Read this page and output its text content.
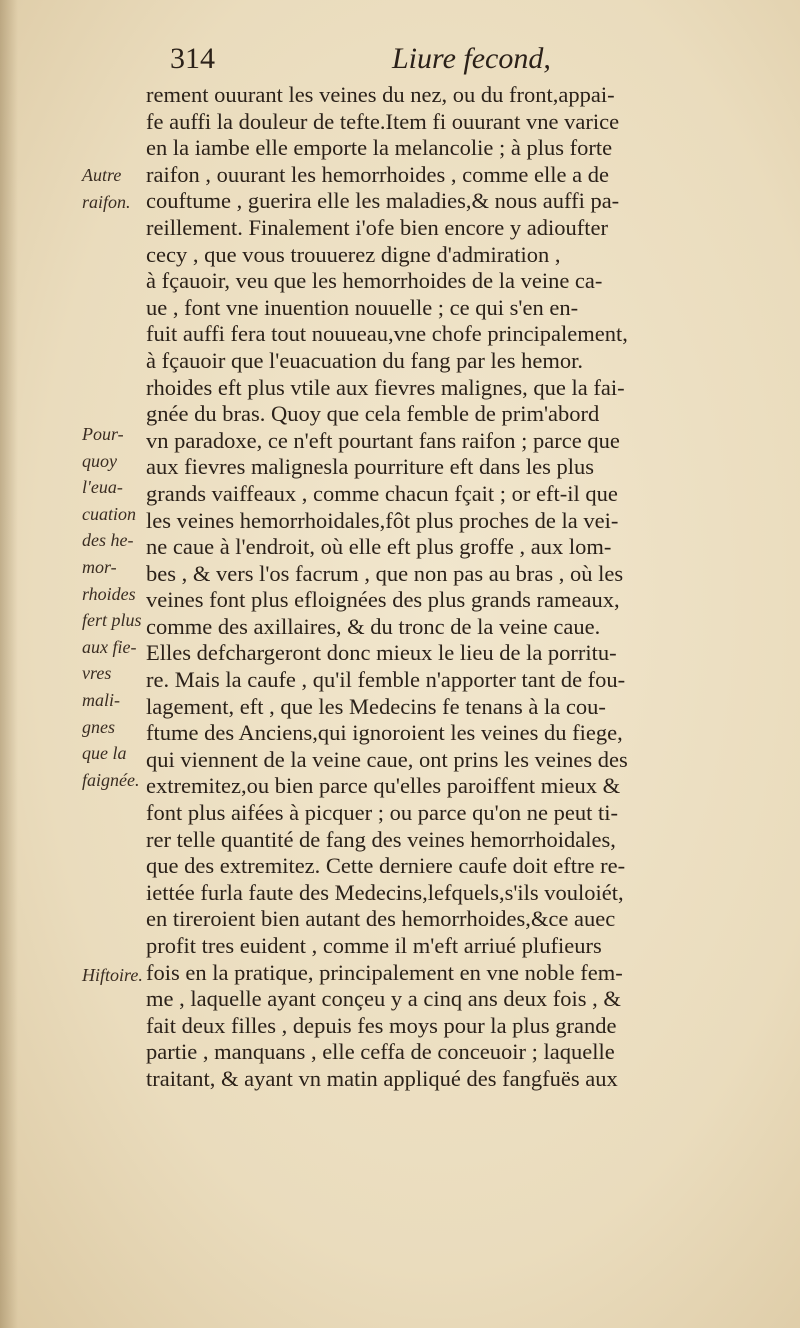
314	Liure fecond,
Autre
raifon.
Pour-
quoy
l'eua-
cuation
des he-
mor-
rhoides
fert plus
aux fie-
vres
mali-
gnes
que la
faignée.
Hiftoire.
rement ouurant les veines du nez, ou du front,appai-
fe auffi la douleur de tefte.Item fi ouurant vne varice
en la iambe elle emporte la melancolie ; à plus forte
raifon , ouurant les hemorrhoides , comme elle a de
couftume , guerira elle les maladies,& nous auffi pa-
reillement. Finalement i'ofe bien encore y adioufter
cecy , que vous trouuerez digne d'admiration ,
à fçauoir, veu que les hemorrhoides de la veine ca-
ue , font vne inuention nouuelle ; ce qui s'en en-
fuit auffi fera tout nouueau,vne chofe principalement,
à fçauoir que l'euacuation du fang par les hemor.
rhoides eft plus vtile aux fievres malignes, que la fai-
gnée du bras. Quoy que cela femble de prim'abord
vn paradoxe, ce n'eft pourtant fans raifon ; parce que
aux fievres malignesla pourriture eft dans les plus
grands vaiffeaux , comme chacun fçait ; or eft-il que
les veines hemorrhoidales,fôt plus proches de la vei-
ne caue à l'endroit, où elle eft plus groffe , aux lom-
bes , & vers l'os facrum , que non pas au bras , où les
veines font plus efloignées des plus grands rameaux,
comme des axillaires, & du tronc de la veine caue.
Elles defchargeront donc mieux le lieu de la porritu-
re. Mais la caufe , qu'il femble n'apporter tant de fou-
lagement, eft , que les Medecins fe tenans à la cou-
ftume des Anciens,qui ignoroient les veines du fiege,
qui viennent de la veine caue, ont prins les veines des
extremitez,ou bien parce qu'elles paroiffent mieux &
font plus aifées à picquer ; ou parce qu'on ne peut ti-
rer telle quantité de fang des veines hemorrhoidales,
que des extremitez. Cette derniere caufe doit eftre re-
iettée furla faute des Medecins,lefquels,s'ils vouloiét,
en tireroient bien autant des hemorrhoides,&ce auec
profit tres euident , comme il m'eft arriué plufieurs
fois en la pratique, principalement en vne noble fem-
me , laquelle ayant conçeu y a cinq ans deux fois , &
fait deux filles , depuis fes moys pour la plus grande
partie , manquans , elle ceffa de conceuoir ; laquelle
traitant, & ayant vn matin appliqué des fangfuës aux
